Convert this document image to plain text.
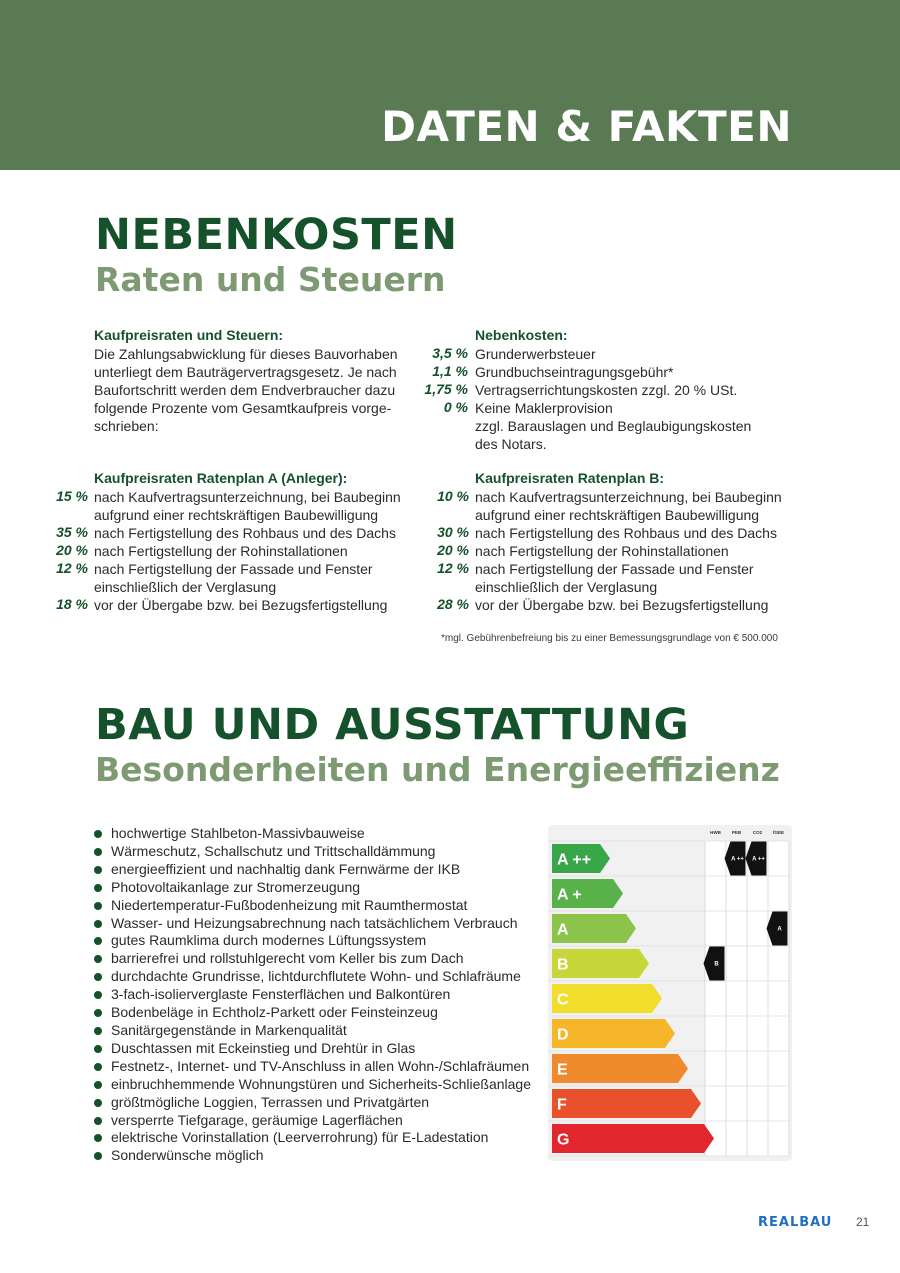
DATEN & FAKTEN
NEBENKOSTEN
Raten und Steuern
Kaufpreisraten und Steuern:
Die Zahlungsabwicklung für dieses Bauvorhaben
unterliegt dem Bauträgervertragsgesetz. Je nach
Baufortschritt werden dem Endverbraucher dazu
folgende Prozente vom Gesamtkaufpreis vorge-
schrieben:
Nebenkosten:
3,5 % Grunderwerbsteuer
1,1 % Grundbuchseintragungsgebühr*
1,75 % Vertragserrichtungskosten zzgl. 20 % USt.
0 % Keine Maklerprovision
zzgl. Barauslagen und Beglaubigungskosten
des Notars.
Kaufpreisraten Ratenplan A (Anleger):
15 % nach Kaufvertragsunterzeichnung, bei Baubeginn
aufgrund einer rechtskräftigen Baubewilligung
35 % nach Fertigstellung des Rohbaus und des Dachs
20 % nach Fertigstellung der Rohinstallationen
12 % nach Fertigstellung der Fassade und Fenster
einschließlich der Verglasung
18 % vor der Übergabe bzw. bei Bezugsfertigstellung
Kaufpreisraten Ratenplan B:
10 % nach Kaufvertragsunterzeichnung, bei Baubeginn
aufgrund einer rechtskräftigen Baubewilligung
30 % nach Fertigstellung des Rohbaus und des Dachs
20 % nach Fertigstellung der Rohinstallationen
12 % nach Fertigstellung der Fassade und Fenster
einschließlich der Verglasung
28 % vor der Übergabe bzw. bei Bezugsfertigstellung
*mgl. Gebührenbefreiung bis zu einer Bemessungsgrundlage von € 500.000
BAU UND AUSSTATTUNG
Besonderheiten und Energieeffizienz
hochwertige Stahlbeton-Massivbauweise
Wärmeschutz, Schallschutz und Trittschalldämmung
energieeffizient und nachhaltig dank Fernwärme der IKB
Photovoltaikanlage zur Stromerzeugung
Niedertemperatur-Fußbodenheizung mit Raumthermostat
Wasser- und Heizungsabrechnung nach tatsächlichem Verbrauch
gutes Raumklima durch modernes Lüftungssystem
barrierefrei und rollstuhlgerecht vom Keller bis zum Dach
durchdachte Grundrisse, lichtdurchflutete Wohn- und Schlafräume
3-fach-isolierverglaste Fensterflächen und Balkontüren
Bodenbeläge in Echtholz-Parkett oder Feinsteinzeug
Sanitärgegenstände in Markenqualität
Duschtassen mit Eckeinstieg und Drehtür in Glas
Festnetz-, Internet- und TV-Anschluss in allen Wohn-/Schlafräumen
einbruchhemmende Wohnungstüren und Sicherheits-Schließanlage
größtmögliche Loggien, Terrassen und Privatgärten
versperrte Tiefgarage, geräumige Lagerflächen
elektrische Vorinstallation (Leerverrohrung) für E-Ladestation
Sonderwünsche möglich
HWB PEB	CO2 fGEE
A ++
A +
A
B
C
D
E
F
G
B
A ++ A ++
A
REALBAU 21
